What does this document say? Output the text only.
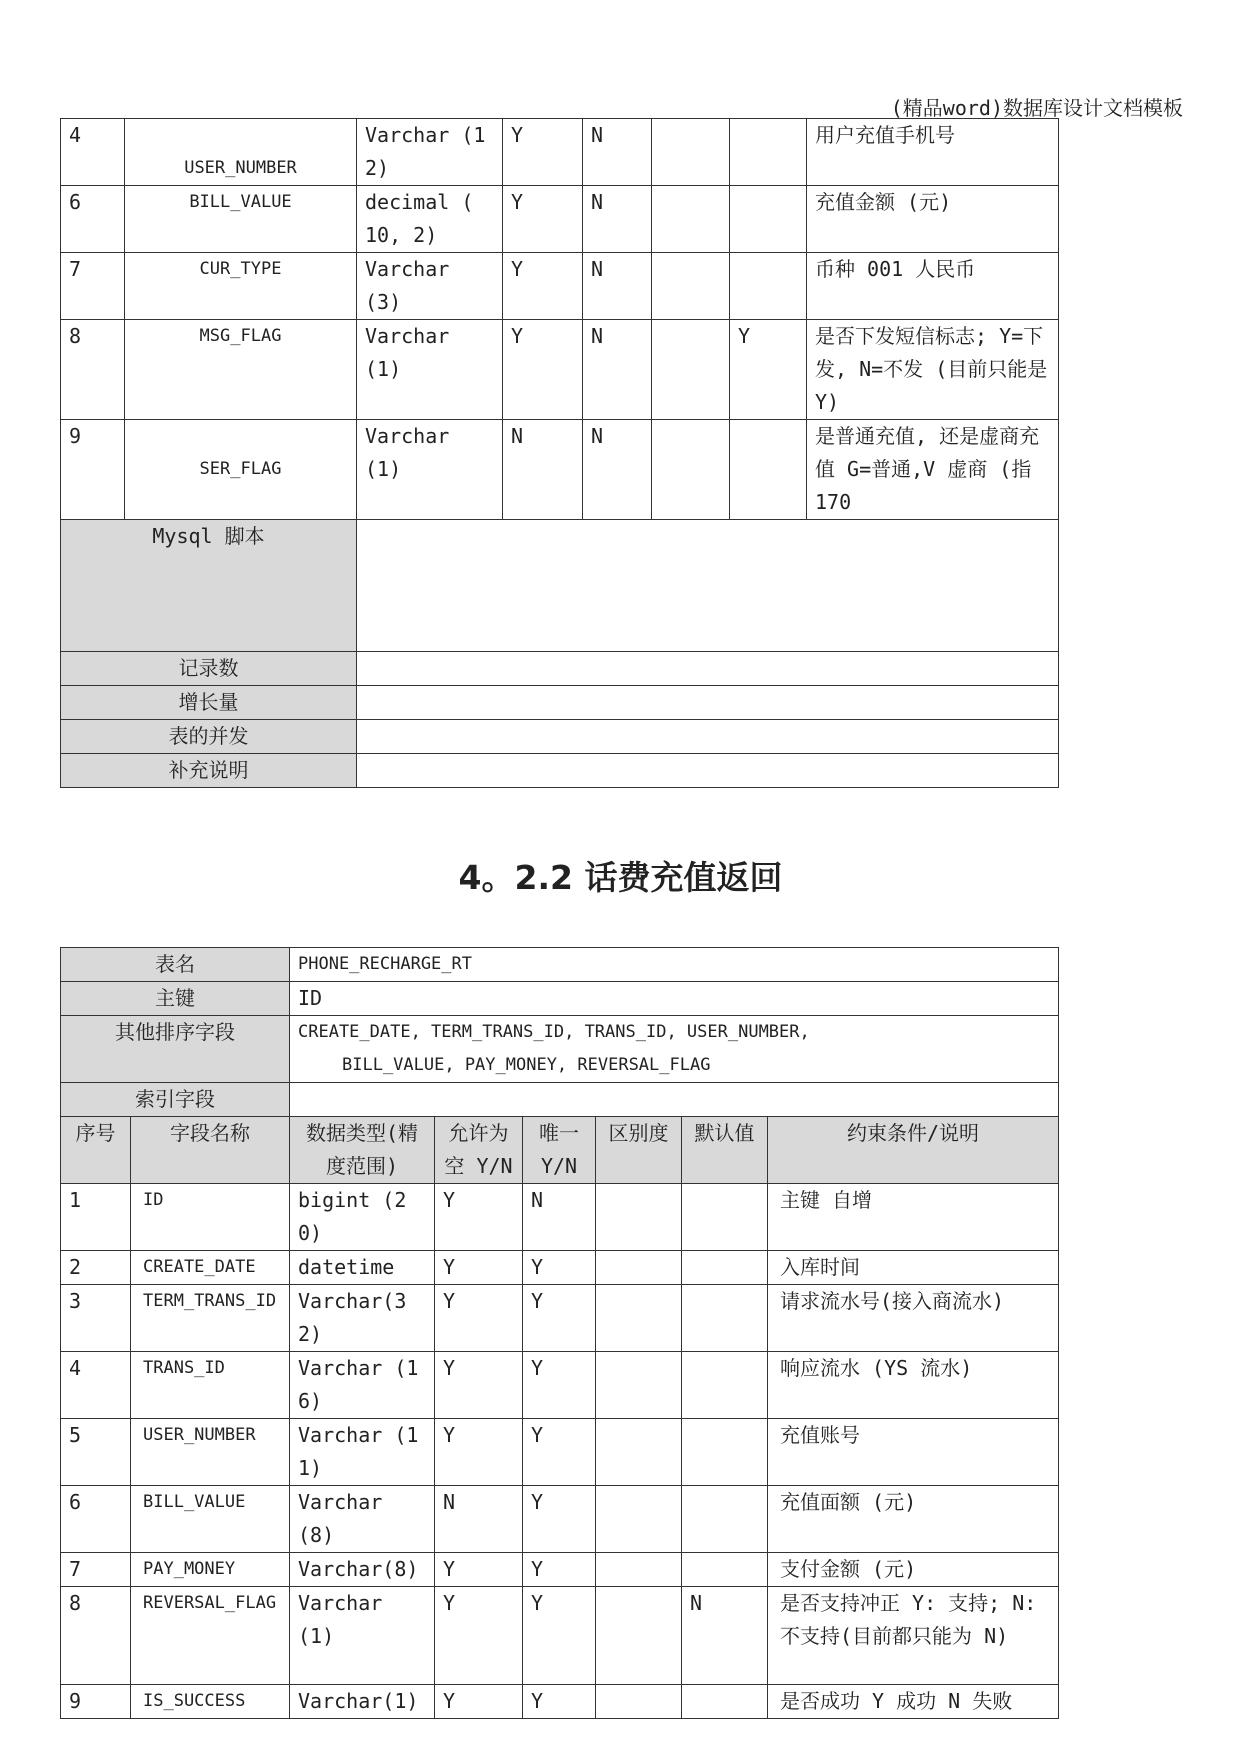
(精品word)数据库设计文档模板
4	USER_NUMBER	Varchar (12)	Y	N			用户充值手机号
6	BILL_VALUE	decimal ( 10, 2)	Y	N			充值金额 (元)
7	CUR_TYPE	Varchar (3)	Y	N			币种 001 人民币
8	MSG_FLAG	Varchar (1)	Y	N		Y	是否下发短信标志; Y=下发, N=不发 (目前只能是 Y)
9	SER_FLAG	Varchar (1)	N	N			是普通充值, 还是虚商充值 G=普通,V 虚商 (指 170
Mysql 脚本							
记录数							
增长量							
表的并发							
补充说明							
4。2.2 话费充值返回
表名		PHONE_RECHARGE_RT					
主键		ID					
其他排序字段		CREATE_DATE, TERM_TRANS_ID, TRANS_ID, USER_NUMBER,
BILL_VALUE, PAY_MONEY, REVERSAL_FLAG					

索引字段							
序号	字段名称	数据类型(精度范围)	允许为空 Y/N	唯一 Y/N	区别度	默认值	约束条件/说明
1	ID	bigint (20)	Y	N			主键 自增
2	CREATE_DATE	datetime	Y	Y			入库时间
3	TERM_TRANS_ID	Varchar(32)	Y	Y			请求流水号(接入商流水)
4	TRANS_ID	Varchar (16)	Y	Y			响应流水 (YS 流水)
5	USER_NUMBER	Varchar (11)	Y	Y			充值账号
6	BILL_VALUE	Varchar (8)	N	Y			充值面额 (元)
7	PAY_MONEY	Varchar(8)	Y	Y			支付金额 (元)
8	REVERSAL_FLAG	Varchar (1)	Y	Y		N	是否支持冲正 Y: 支持; N: 不支持(目前都只能为 N)
9	IS_SUCCESS	Varchar(1)	Y	Y			是否成功 Y 成功 N 失败
